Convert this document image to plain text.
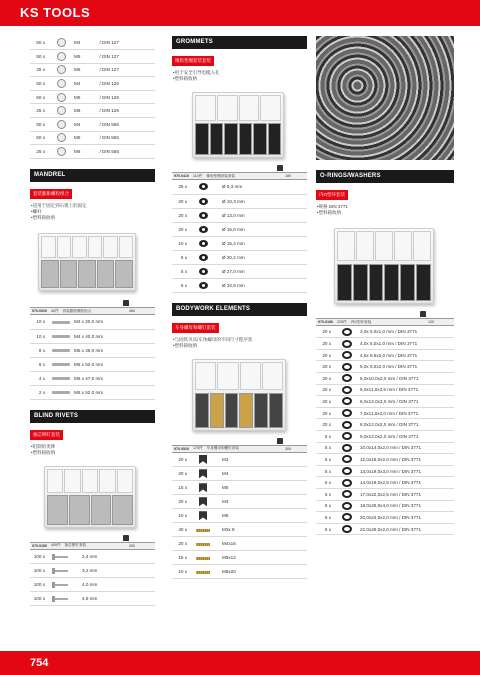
KS TOOLS
50 x		M4	/ DIN 127
50 x		M5	/ DIN 127
25 x		M6	/ DIN 127
50 x		M4	/ DIN 126
50 x		M5	/ DIN 126
25 x		M6	/ DIN 126
50 x		M4	/ DIN 555
50 x		M5	/ DIN 555
25 x		M6	/ DIN 555
MANDREL
套装膨胀螺栓组合
•适用于固定到石墙上的固定
•螺杆
•塑料箱收纳
970.0020	40件	套装膨胀螺栓组合	460
10 x		M4 x 20,0 mm
10 x		M4 x 40,0 mm
8 x		M5 x 36,0 mm
6 x		M5 x 52,0 mm
4 x		M6 x 47,0 mm
2 x		M6 x 52,0 mm
BLIND RIVETS
抽芯铆钉套装
•铝制的类铆
•塑料箱收纳
970.0150	400件	抽芯铆钉套装	250
100 x		2,4 mm
100 x		3,2 mm
100 x		4,0 mm
100 x		4,8 mm
GROMMETS
橡胶垫圈套装套装
•用于安全引导电缆入孔
•塑料箱收纳
970.0410	110件	橡胶垫圈套装套装	180
25 x		Ø 6,3 mm
20 x		Ø 10,3 mm
20 x		Ø 13,0 mm
20 x		Ø 15,0 mm
10 x		Ø 15,4 mm
5 x		Ø 20,2 mm
5 x		Ø 27,0 mm
5 x		Ø 32,5 mm
BODYWORK ELEMENTS
车身螺母和螺钉套装
•与固铁夹具/车体螺母的不同尺寸程序状
•塑料箱收纳
970.0520	170件	车身螺母和螺钉套装	300
20 x		M3
20 x		M4
15 x		M5
20 x		M3
10 x		M6
40 x		M3x 8
20 x		M4x16
15 x		M5x12
10 x		M6x20
O-RINGS/WASHERS
内O型环套装
•规格 DIN 3771
•塑料箱收纳
970.0180	225件	内O型环套装	120
20 x		3,0x 5,0x1,0 mm / DIN 3771
20 x		4,0x 6,0x1,0 mm / DIN 3771
20 x		4,5x 8,5x2,0 mm / DIN 3771
20 x		5,0x 9,0x2,0 mm / DIN 3771
20 x		6,0x10,0x2,0 mm / DIN 3771
20 x		6,0x11,0x2,5 mm / DIN 3771
20 x		6,0x12,0x3,0 mm / DIN 3771
20 x		7,0x11,0x2,0 mm / DIN 3771
20 x		8,0x12,0x2,0 mm / DIN 3771
5 x		9,0x12,0x2,0 mm / DIN 3771
5 x		10,0x14,0x2,0 mm / DIN 3771
5 x		12,0x16,0x2,0 mm / DIN 3771
5 x		13,0x19,0x3,0 mm / DIN 3771
5 x		14,0x19,0x2,5 mm / DIN 3771
5 x		17,0x22,0x2,5 mm / DIN 3771
5 x		18,0x26,0x4,0 mm / DIN 3771
5 x		20,0x24,0x2,0 mm / DIN 3771
5 x		22,0x26,0x2,0 mm / DIN 3771
754
